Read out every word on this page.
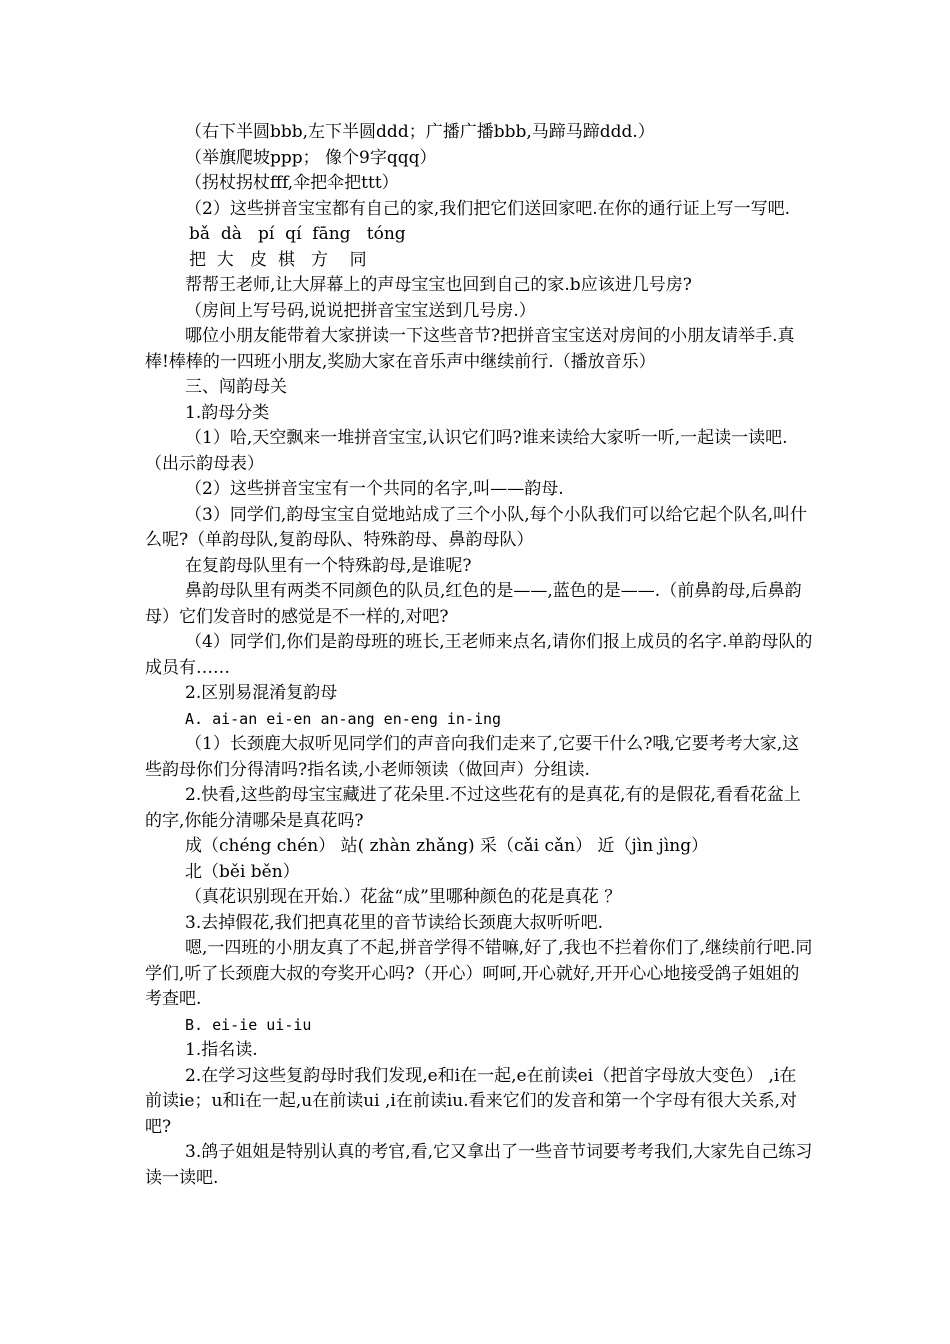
（右下半圆bbb,左下半圆ddd；广播广播bbb,马蹄马蹄ddd.）

（举旗爬坡ppp； 像个9字qqq）

（拐杖拐杖fff,伞把伞把ttt）

（2）这些拼音宝宝都有自己的家,我们把它们送回家吧.在你的通行证上写一写吧.

bǎ  dà   pí  qí  fāng   tóng

把  大   皮  棋   方    同

帮帮王老师,让大屏幕上的声母宝宝也回到自己的家.b应该进几号房?

（房间上写号码,说说把拼音宝宝送到几号房.）

哪位小朋友能带着大家拼读一下这些音节?把拼音宝宝送对房间的小朋友请举手.真棒!棒棒的一四班小朋友,奖励大家在音乐声中继续前行.（播放音乐）

三、闯韵母关

1.韵母分类

（1）哈,天空飘来一堆拼音宝宝,认识它们吗?谁来读给大家听一听,一起读一读吧.（出示韵母表）

（2）这些拼音宝宝有一个共同的名字,叫——韵母.

（3）同学们,韵母宝宝自觉地站成了三个小队,每个小队我们可以给它起个队名,叫什么呢?（单韵母队,复韵母队、特殊韵母、鼻韵母队）

在复韵母队里有一个特殊韵母,是谁呢?

鼻韵母队里有两类不同颜色的队员,红色的是——,蓝色的是——.（前鼻韵母,后鼻韵母）它们发音时的感觉是不一样的,对吧?

（4）同学们,你们是韵母班的班长,王老师来点名,请你们报上成员的名字.单韵母队的成员有……

2.区别易混淆复韵母

A. ai-an ei-en an-ang en-eng in-ing

（1）长颈鹿大叔听见同学们的声音向我们走来了,它要干什么?哦,它要考考大家,这些韵母你们分得清吗?指名读,小老师领读（做回声）分组读.

2.快看,这些韵母宝宝藏进了花朵里.不过这些花有的是真花,有的是假花,看看花盆上的字,你能分清哪朵是真花吗?

成（chéng chén） 站( zhàn zhǎng) 采（cǎi cǎn） 近（jìn jìng）

北（běi běn）

（真花识别现在开始.）花盆“成”里哪种颜色的花是真花 ？

3.去掉假花,我们把真花里的音节读给长颈鹿大叔听听吧.

嗯,一四班的小朋友真了不起,拼音学得不错嘛,好了,我也不拦着你们了,继续前行吧.同学们,听了长颈鹿大叔的夸奖开心吗?（开心）呵呵,开心就好,开开心心地接受鸽子姐姐的考查吧.

B. ei-ie ui-iu

1.指名读.

2.在学习这些复韵母时我们发现,e和i在一起,e在前读ei（把首字母放大变色） ,i在前读ie；u和i在一起,u在前读ui ,i在前读iu.看来它们的发音和第一个字母有很大关系,对吧?

3.鸽子姐姐是特别认真的考官,看,它又拿出了一些音节词要考考我们,大家先自己练习读一读吧.
